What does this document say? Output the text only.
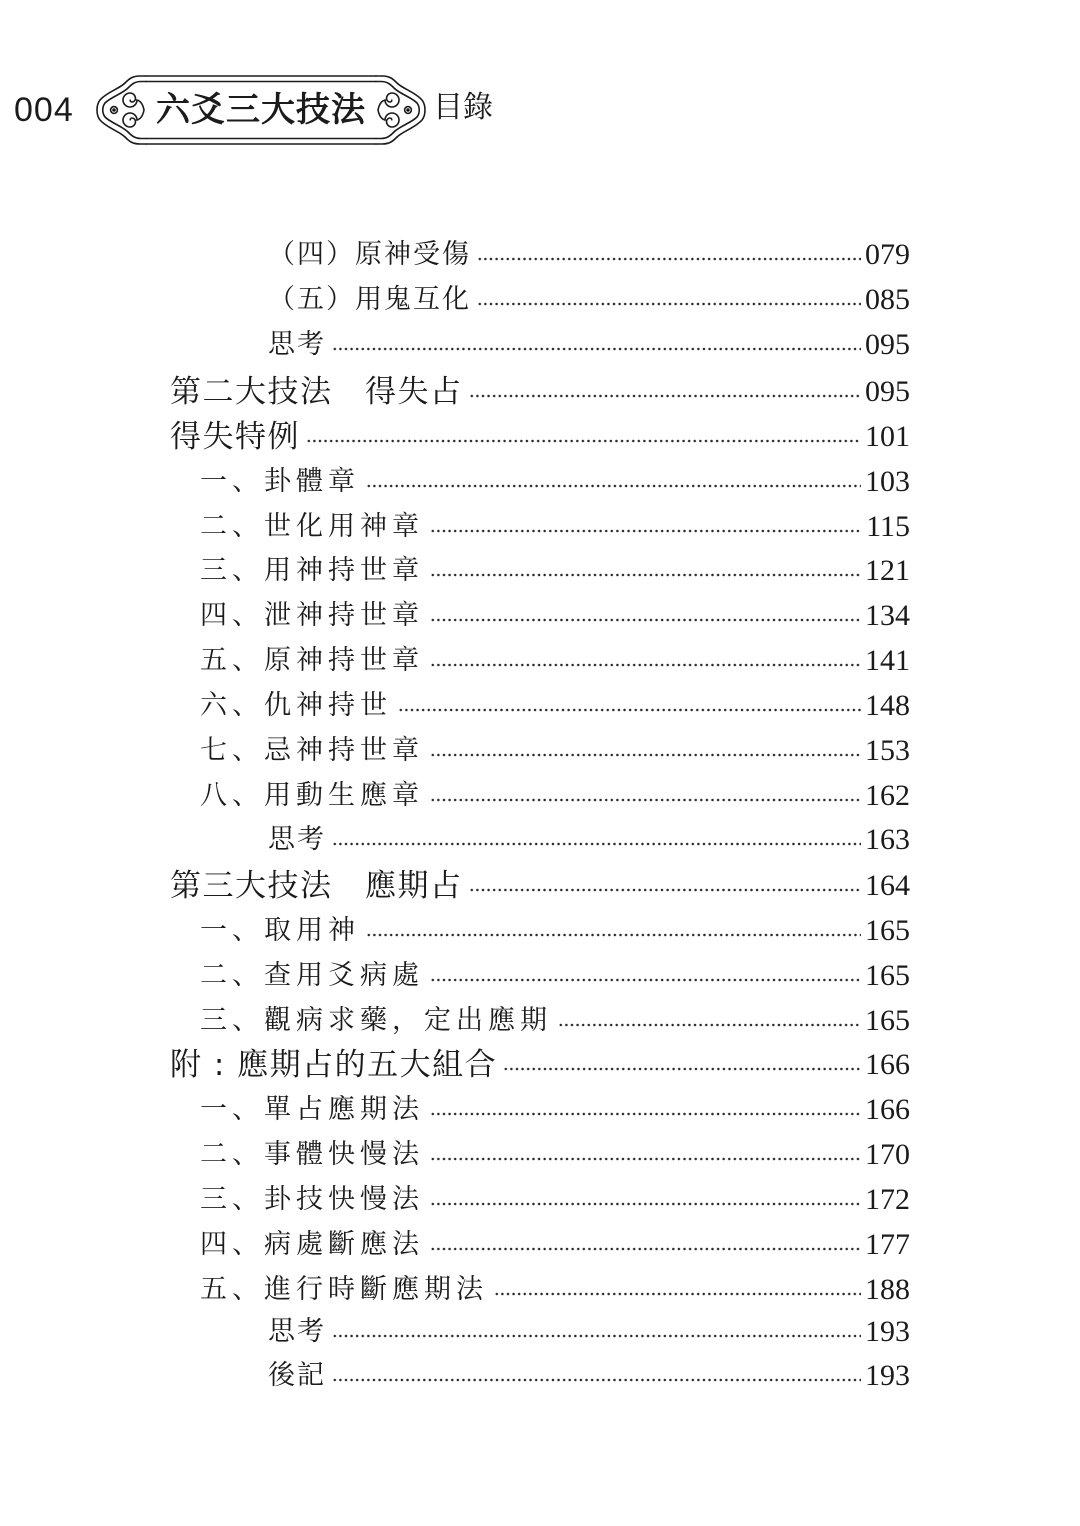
004	六爻三大技法	目錄
（四）原神受傷	079
（五）用鬼互化	085
思考	095
第二大技法　得失占	095
得失特例	101
一、卦體章	103
二、世化用神章	115
三、用神持世章	121
四、泄神持世章	134
五、原神持世章	141
六、仇神持世	148
七、忌神持世章	153
八、用動生應章	162
思考	163
第三大技法　應期占	164
一、取用神	165
二、查用爻病處	165
三、觀病求藥，定出應期	165
附 : 應期占的五大組合	166
一、單占應期法	166
二、事體快慢法	170
三、卦技快慢法	172
四、病處斷應法	177
五、進行時斷應期法	188
思考	193
後記	193
